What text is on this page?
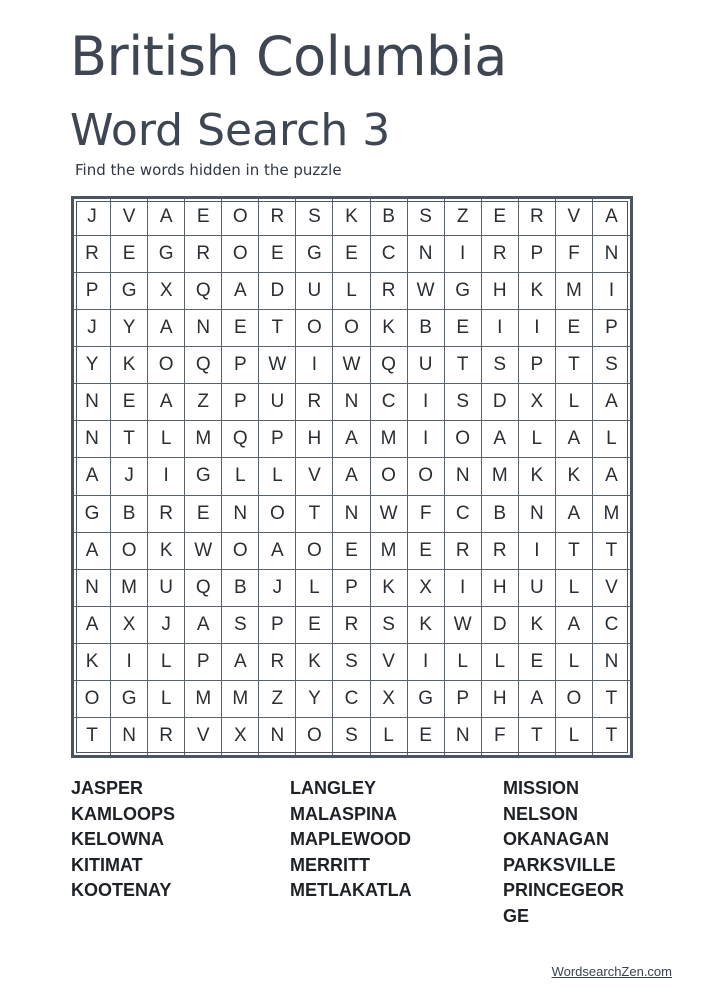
British Columbia
Word Search 3

Find the words hidden in the puzzle

J	V	A	E	O	R	S	K	B	S	Z	E	R	V	A
R	E	G	R	O	E	G	E	C	N	I	R	P	F	N
P	G	X	Q	A	D	U	L	R	W	G	H	K	M	I
J	Y	A	N	E	T	O	O	K	B	E	I	I	E	P
Y	K	O	Q	P	W	I	W	Q	U	T	S	P	T	S
N	E	A	Z	P	U	R	N	C	I	S	D	X	L	A
N	T	L	M	Q	P	H	A	M	I	O	A	L	A	L
A	J	I	G	L	L	V	A	O	O	N	M	K	K	A
G	B	R	E	N	O	T	N	W	F	C	B	N	A	M
A	O	K	W	O	A	O	E	M	E	R	R	I	T	T
N	M	U	Q	B	J	L	P	K	X	I	H	U	L	V
A	X	J	A	S	P	E	R	S	K	W	D	K	A	C
K	I	L	P	A	R	K	S	V	I	L	L	E	L	N
O	G	L	M	M	Z	Y	C	X	G	P	H	A	O	T
T	N	R	V	X	N	O	S	L	E	N	F	T	L	T
JASPER
KAMLOOPS
KELOWNA
KITIMAT
KOOTENAY
LANGLEY
MALASPINA
MAPLEWOOD
MERRITT
METLAKATLA
MISSION
NELSON
OKANAGAN
PARKSVILLE
PRINCEGEORGE
WordsearchZen.com
